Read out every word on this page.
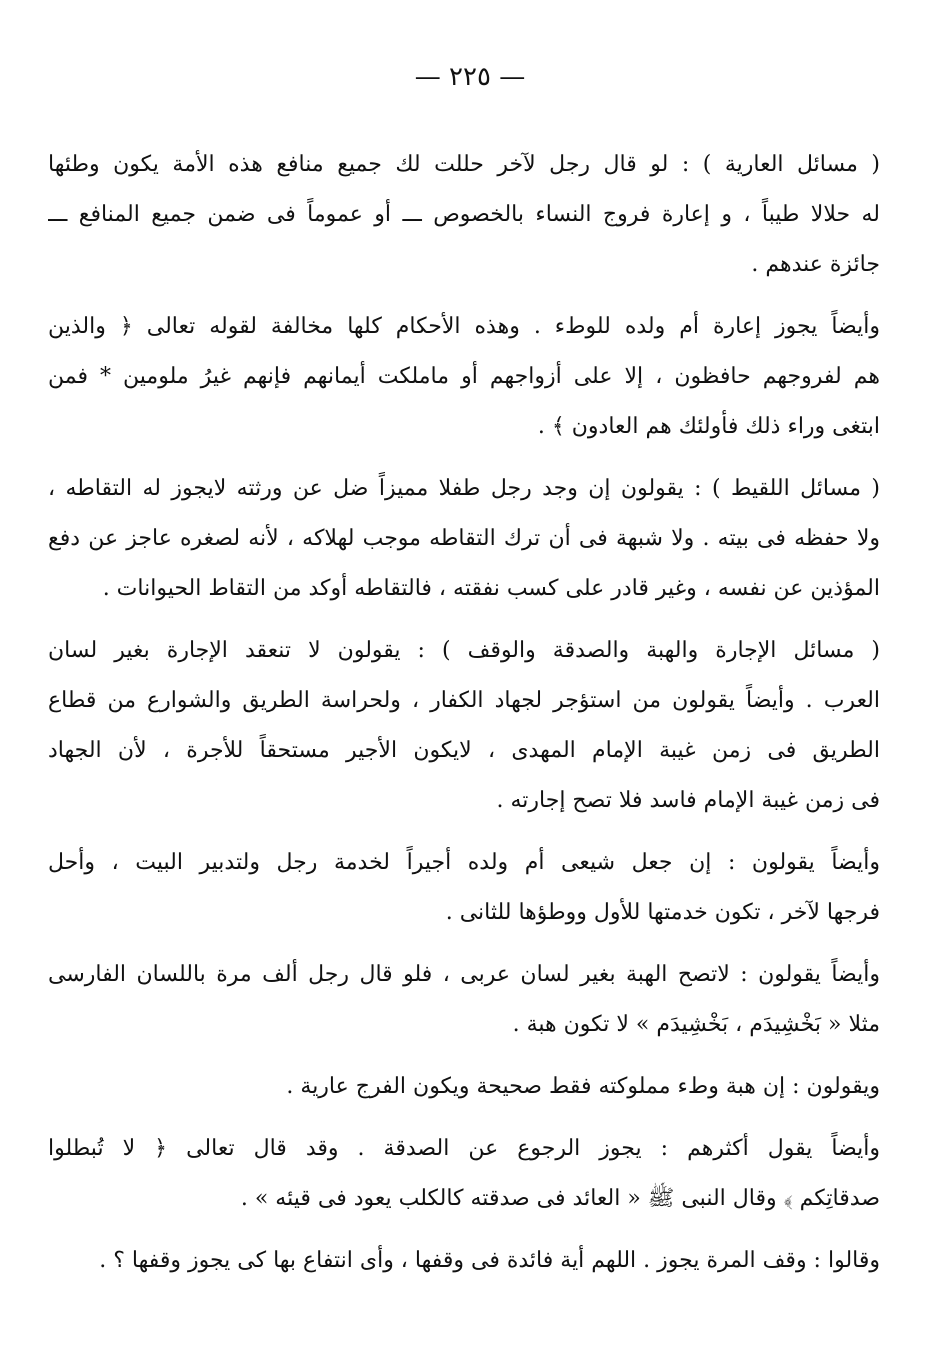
— ٢٢٥ —

( مسائل العارية ) : لو قال رجل لآخر حللت لك جميع منافع هذه الأمة يكون وطئها
له حلالا طيباً ، و إعارة فروج النساء بالخصوص ـــ أو عموماً فى ضمن جميع المنافع ـــ
جائزة عندهم .

وأيضاً يجوز إعارة أم ولده للوطء . وهذه الأحكام كلها مخالفة لقوله تعالى ﴿ والذين
هم لفروجهم حافظون ، إلا على أزواجهم أو ماملكت أيمانهم فإنهم غيرُ ملومين * فمن
ابتغى وراء ذلك فأولئك هم العادون ﴾ .

( مسائل اللقيط ) : يقولون إن وجد رجل طفلا مميزاً ضل عن ورثته لايجوز له التقاطه ،
ولا حفظه فى بيته . ولا شبهة فى أن ترك التقاطه موجب لهلاكه ، لأنه لصغره عاجز عن دفع
المؤذين عن نفسه ، وغير قادر على كسب نفقته ، فالتقاطه أوكد من التقاط الحيوانات .

( مسائل الإجارة والهبة والصدقة والوقف ) : يقولون لا تنعقد الإجارة بغير لسان
العرب . وأيضاً يقولون من استؤجر لجهاد الكفار ، ولحراسة الطريق والشوارع من قطاع
الطريق فى زمن غيبة الإمام المهدى ، لايكون الأجير مستحقاً للأجرة ، لأن الجهاد
فى زمن غيبة الإمام فاسد فلا تصح إجارته .

وأيضاً يقولون : إن جعل شيعى أم ولده أجيراً لخدمة رجل ولتدبير البيت ، وأحل
فرجها لآخر ، تكون خدمتها للأول ووطؤها للثانى .

وأيضاً يقولون : لاتصح الهبة بغير لسان عربى ، فلو قال رجل ألف مرة باللسان الفارسى
مثلا « بَخْشِيدَم ، بَخْشِيدَم » لا تكون هبة .

ويقولون : إن هبة وطء مملوكته فقط صحيحة ويكون الفرج عارية .

وأيضاً يقول أكثرهم : يجوز الرجوع عن الصدقة . وقد قال تعالى ﴿ لا تُبطلوا
صدقاتِكم ﴾ وقال النبى ﷺ « العائد فى صدقته كالكلب يعود فى قيئه » .

وقالوا : وقف المرة يجوز . اللهم أية فائدة فى وقفها ، وأى انتفاع بها كى يجوز وقفها ؟ .
